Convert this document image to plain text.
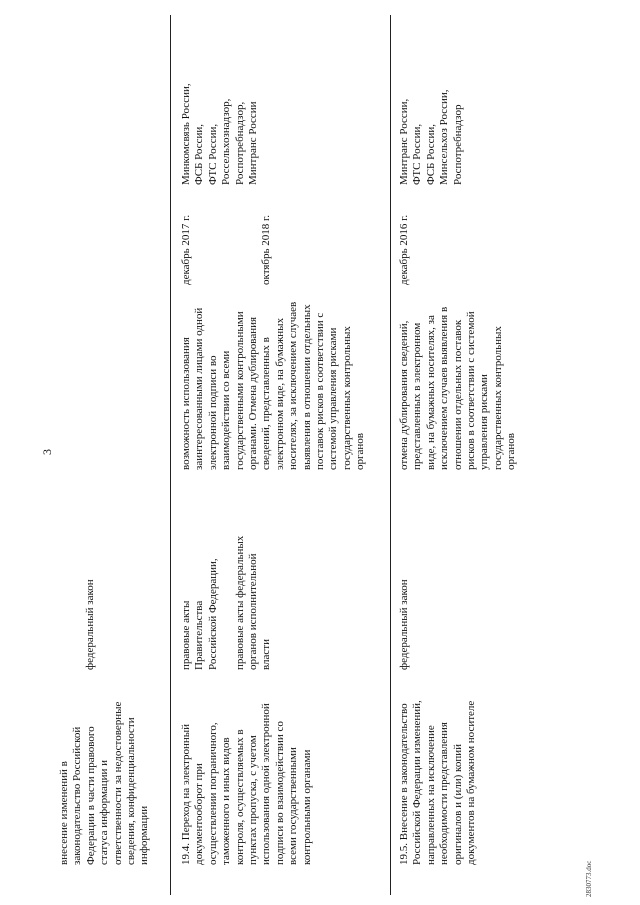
3
внесение изменений в
законодательство Российской
Федерации в части правового
статуса информации и
ответственности за недостоверные
сведения, конфиденциальности
информации
федеральный закон
19.4. Переход на электронный
документооборот при
осуществлении пограничного,
таможенного и иных видов
контроля, осуществляемых в
пунктах пропуска, с учетом
использования одной электронной
подписи во взаимодействии со
всеми государственными
контрольными органами
правовые акты
Правительства
Российской Федерации,

правовые акты федеральных
органов исполнительной
власти
возможность использования
заинтересованными лицами одной
электронной подписи во
взаимодействии со всеми
государственными контрольными
органами. Отмена дублирования
сведений, представленных в
электронном виде, на бумажных
носителях, за исключением случаев
выявления в отношении отдельных
поставок рисков в соответствии с
системой управления рисками
государственных контрольных
органов
декабрь 2017 г.

октябрь 2018 г.
Минкомсвязь России,
ФСБ России,
ФТС России,
Россельхознадзор,
Роспотребнадзор,
Минтранс России
19.5. Внесение в законодательство
Российской Федерации изменений,
направленных на исключение
необходимости представления
оригиналов и (или) копий
документов на бумажном носителе
федеральный закон
отмена дублирования сведений,
представленных в электронном
виде, на бумажных носителях, за
исключением случаев выявления в
отношении отдельных поставок
рисков в соответствии с системой
управления рисками
государственных контрольных
органов
декабрь 2016 г.
Минтранс России,
ФТС России,
ФСБ России,
Минсельхоз России,
Роспотребнадзор
2830773.doc
